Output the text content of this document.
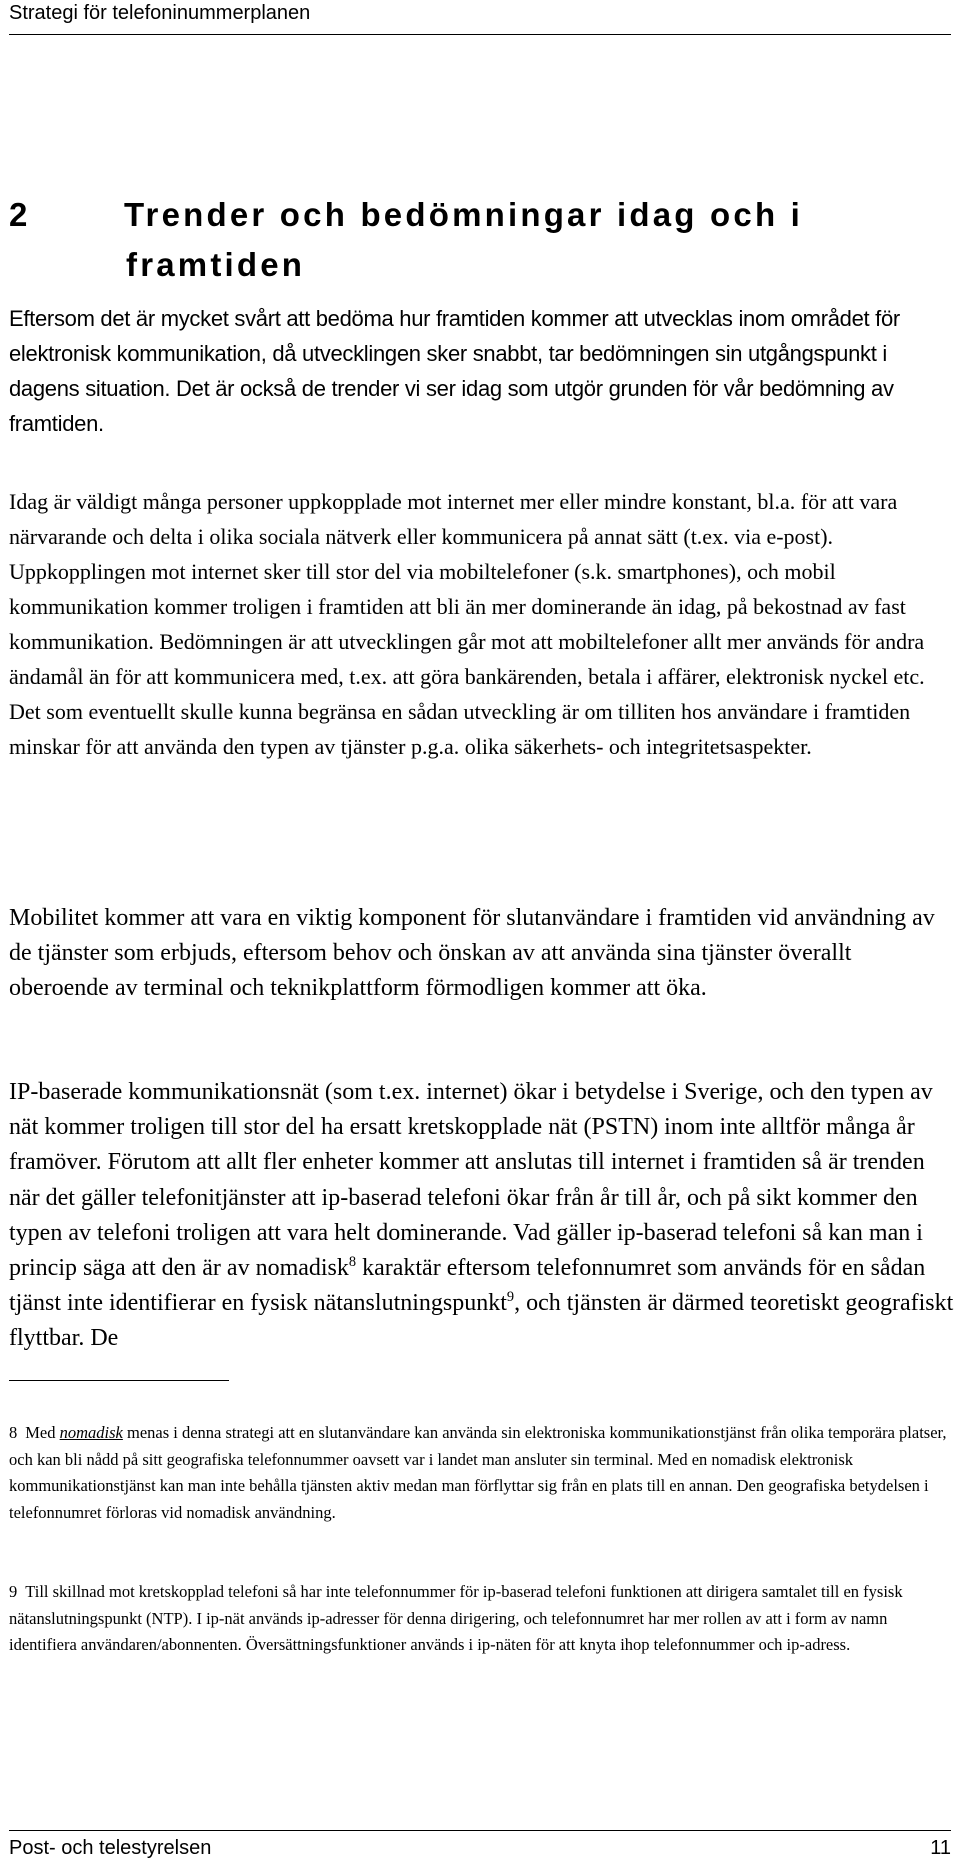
Strategi för telefoninummerplanen
2	Trender och bedömningar idag och i
framtiden

Eftersom det är mycket svårt att bedöma hur framtiden kommer att utvecklas inom området för elektronisk kommunikation, då utvecklingen sker snabbt, tar bedömningen sin utgångspunkt i dagens situation. Det är också de trender vi ser idag som utgör grunden för vår bedömning av framtiden.

Idag är väldigt många personer uppkopplade mot internet mer eller mindre konstant, bl.a. för att vara närvarande och delta i olika sociala nätverk eller kommunicera på annat sätt (t.ex. via e-post). Uppkopplingen mot internet sker till stor del via mobiltelefoner (s.k. smartphones), och mobil kommunikation kommer troligen i framtiden att bli än mer dominerande än idag, på bekostnad av fast kommunikation. Bedömningen är att utvecklingen går mot att mobiltelefoner allt mer används för andra ändamål än för att kommunicera med, t.ex. att göra bankärenden, betala i affärer, elektronisk nyckel etc. Det som eventuellt skulle kunna begränsa en sådan utveckling är om tilliten hos användare i framtiden minskar för att använda den typen av tjänster p.g.a. olika säkerhets- och integritetsaspekter.

Mobilitet kommer att vara en viktig komponent för slutanvändare i framtiden vid användning av de tjänster som erbjuds, eftersom behov och önskan av att använda sina tjänster överallt oberoende av terminal och teknikplattform förmodligen kommer att öka.

IP-baserade kommunikationsnät (som t.ex. internet) ökar i betydelse i Sverige, och den typen av nät kommer troligen till stor del ha ersatt kretskopplade nät (PSTN) inom inte alltför många år framöver. Förutom att allt fler enheter kommer att anslutas till internet i framtiden så är trenden när det gäller telefonitjänster att ip-baserad telefoni ökar från år till år, och på sikt kommer den typen av telefoni troligen att vara helt dominerande. Vad gäller ip-baserad telefoni så kan man i princip säga att den är av nomadisk$^8$ karaktär eftersom telefonnumret som används för en sådan tjänst inte identifierar en fysisk nätanslutningspunkt$^9$, och tjänsten är därmed teoretiskt geografiskt flyttbar. De

8 Med nomadisk menas i denna strategi att en slutanvändare kan använda sin elektroniska kommunikationstjänst från olika temporära platser, och kan bli nådd på sitt geografiska telefonnummer oavsett var i landet man ansluter sin terminal. Med en nomadisk elektronisk kommunikationstjänst kan man inte behålla tjänsten aktiv medan man förflyttar sig från en plats till en annan. Den geografiska betydelsen i telefonnumret förloras vid nomadisk användning.

9 Till skillnad mot kretskopplad telefoni så har inte telefonnummer för ip-baserad telefoni funktionen att dirigera samtalet till en fysisk nätanslutningspunkt (NTP). I ip-nät används ip-adresser för denna dirigering, och telefonnumret har mer rollen av att i form av namn identifiera användaren/abonnenten. Översättningsfunktioner används i ip-näten för att knyta ihop telefonnummer och ip-adress.

Post- och telestyrelsen	11
